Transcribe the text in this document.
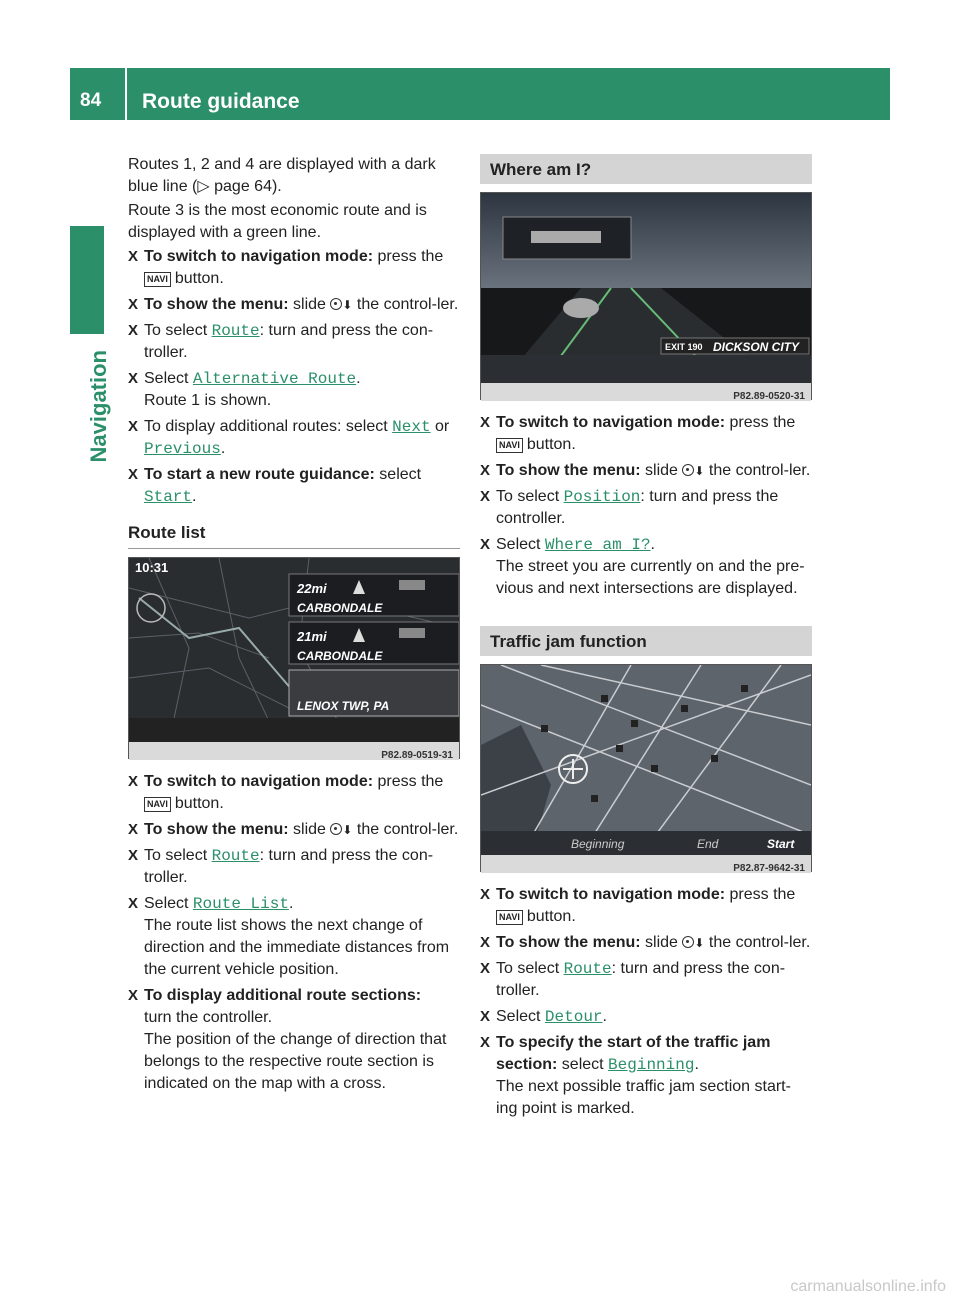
84 Route guidance
Navigation
Routes 1, 2 and 4 are displayed with a dark blue line (▷ page 64).
Route 3 is the most economic route and is displayed with a green line.
X To switch to navigation mode: press the
NAVI button.
X To show the menu: slide ⬇ the control-ler.
X To select Route: turn and press the con-troller.
X Select Alternative Route.
Route 1 is shown.
X To display additional routes: select Next or
Previous.
X To start a new route guidance: select
Start.
Route list
10:31
22mi
CARBONDALE
21mi
CARBONDALE
LENOX TWP, PA
P82.89-0519-31
X To switch to navigation mode: press the
NAVI button.
X To show the menu: slide ⬇ the control-ler.
X To select Route: turn and press the con-troller.
X Select Route List.
The route list shows the next change of direction and the immediate distances from the current vehicle position.
X To display additional route sections:
turn the controller.
The position of the change of direction that belongs to the respective route section is indicated on the map with a cross.
Where am I?
EXIT 190 DICKSON CITY
P82.89-0520-31
X To switch to navigation mode: press the
NAVI button.
X To show the menu: slide ⬇ the control-ler.
X To select Position: turn and press the controller.
X Select Where am I?.
The street you are currently on and the pre-vious and next intersections are displayed.
Traffic jam function
Beginning	End	Start
P82.87-9642-31
X To switch to navigation mode: press the
NAVI button.
X To show the menu: slide ⬇ the control-ler.
X To select Route: turn and press the con-troller.
X Select Detour.
X To specify the start of the traffic jam section: select Beginning.
The next possible traffic jam section start-ing point is marked.
carmanualsonline.info
